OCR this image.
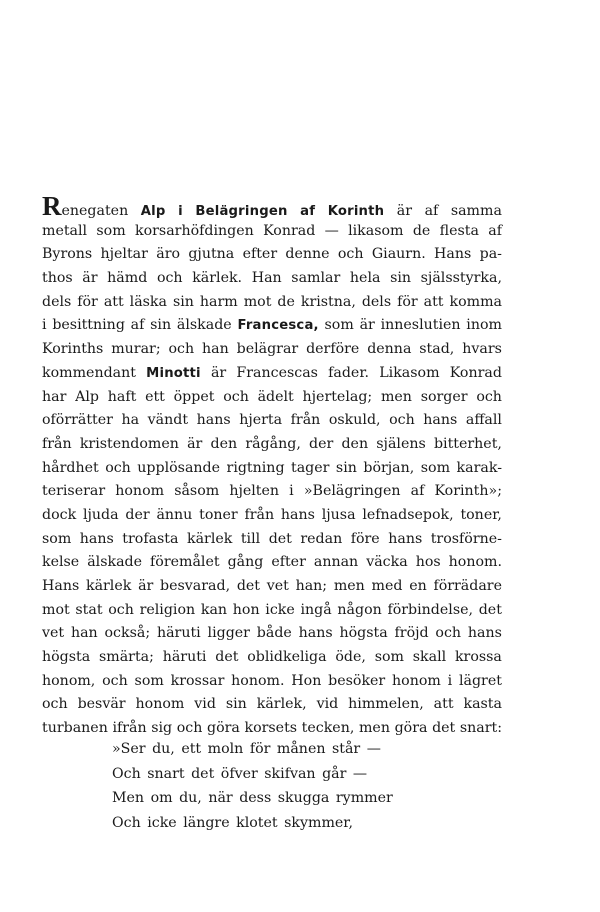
Renegaten Alp i Belägringen af Korinth är af samma
metall som korsarhöfdingen Konrad — likasom de flesta af
Byrons hjeltar äro gjutna efter denne och Giaurn. Hans pa-
thos är hämd och kärlek. Han samlar hela sin själsstyrka,
dels för att läska sin harm mot de kristna, dels för att komma
i besittning af sin älskade Francesca, som är inneslutien inom
Korinths murar; och han belägrar derföre denna stad, hvars
kommendant Minotti är Francescas fader. Likasom Konrad
har Alp haft ett öppet och ädelt hjertelag; men sorger och
oförrätter ha vändt hans hjerta från oskuld, och hans affall
från kristendomen är den rågång, der den själens bitterhet,
hårdhet och upplösande rigtning tager sin början, som karak-
teriserar honom såsom hjelten i »Belägringen af Korinth»;
dock ljuda der ännu toner från hans ljusa lefnadsepok, toner,
som hans trofasta kärlek till det redan före hans trosförne-
kelse älskade föremålet gång efter annan väcka hos honom.
Hans kärlek är besvarad, det vet han; men med en förrädare
mot stat och religion kan hon icke ingå någon förbindelse, det
vet han också; häruti ligger både hans högsta fröjd och hans
högsta smärta; häruti det oblidkeliga öde, som skall krossa
honom, och som krossar honom. Hon besöker honom i lägret
och besvär honom vid sin kärlek, vid himmelen, att kasta
turbanen ifrån sig och göra korsets tecken, men göra det snart:
»Ser du, ett moln för månen står —
Och snart det öfver skifvan går —
Men om du, när dess skugga rymmer
Och icke längre klotet skymmer,
